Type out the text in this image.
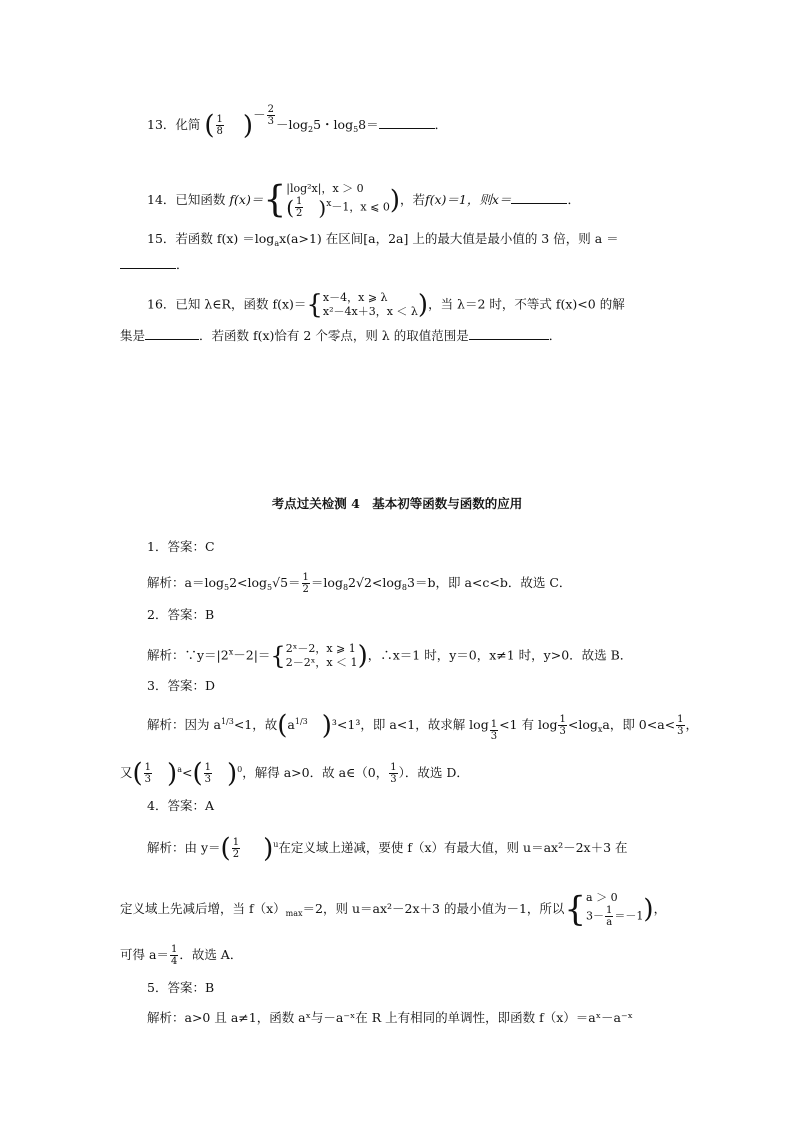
13．化简 ( $\frac{1}{8}$ )－ $\frac{2}{3} -\log_25$・$\log_58=$	．
14．已知函数 f(x)＝{ |log²x|，x ＞ 0
( $\frac{1}{2} )^x-1$，x ⩽ 0 )，若f(x)＝1，则x＝	．
15．若函数 $f(x) =\log_ax(a>1)$ 在区间[a，2a] 上的最大值是最小值的 3 倍，则 a ＝
．
16．已知 λ∈R，函数 f(x)＝{ x－4，x ⩾ λ
x²－4x＋3，x ＜ λ )，当 λ＝2 时，不等式 f(x)<0 的解
集是	．若函数 f(x)恰有 2 个零点，则 λ 的取值范围是	．
考点过关检测 4　基本初等函数与函数的应用
1．答案：C
解析：$a=\log_52<\log_5√5= \frac{1}{2} =\log_82√2<\log_83=b$，即 a<c<b．故选 C．
2．答案：B
解析：$\because y=|2^x-2|=${ 2ˣ－2，x ⩾ 1
2－2ˣ，x ＜ 1 )，∴x＝1 时，y＝0，x≠1 时，y>0．故选 B．
3．答案：D
解析：因为 $a^{1/3}<1$，故($a^{1/3}$ )³<1³，即 a<1，故求解 log $_{\frac{1}{3}}$ <1 有 $\log \frac{1}{3} <\log_xa$，即 $0<a< \frac{1}{3}$ ，
又( $\frac{1}{3} )^a<( \frac{1}{3} )^0$，解得 a>0．故 a∈（0， $\frac{1}{3}$ ）．故选 D．
4．答案：A
解析：由 $y=( \frac{1}{2} )^u$在定义域上递减，要使 f（x）有最大值，则 u＝ax²－2x＋3 在
定义域上先减后增，当 $f(x)_{max}=2$，则 u＝ax²－2x＋3 的最小值为－1，所以{ a ＞ 0
$3- \frac{1}{a} =-1$ )，
可得 $a= \frac{1}{4}$ ．故选 A．
5．答案：B
解析：a>0 且 a≠1，函数 aˣ与－a⁻ˣ在 R 上有相同的单调性，即函数 f（x）＝aˣ－a⁻ˣ
